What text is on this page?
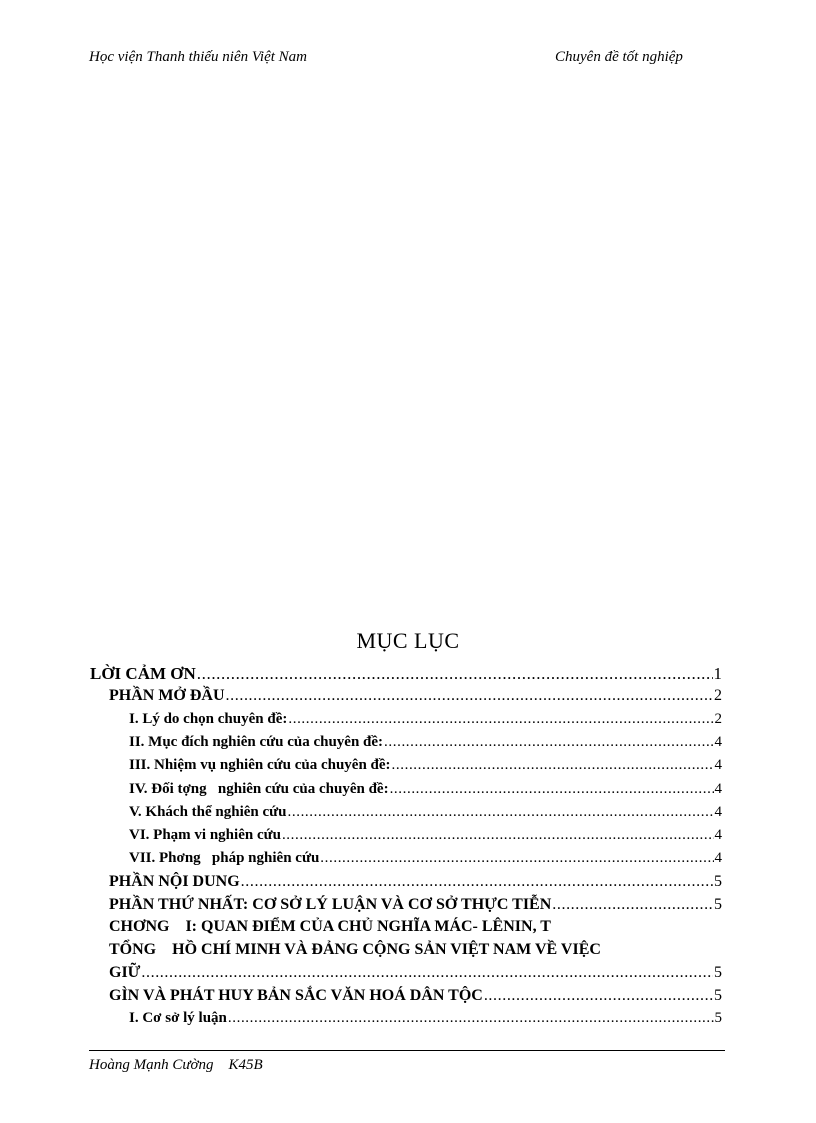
Học viện Thanh thiếu niên Việt Nam	Chuyên đề tốt nghiệp
MỤC LỤC
LỜI CẢM ƠN .....	1
PHẦN MỞ ĐẦU .....	2
I. Lý do chọn chuyên đề: .....	2
II. Mục đích nghiên cứu của chuyên đề: .....	4
III. Nhiệm vụ nghiên cứu của chuyên đề: .....	4
IV. Đối tợng   nghiên cứu của chuyên đề: .....	4
V. Khách thể nghiên cứu .....	4
VI. Phạm vi nghiên cứu .....	4
VII. Phơng   pháp nghiên cứu .....	4
PHẦN NỘI DUNG .....	5
PHẦN THỨ NHẤT: CƠ SỞ LÝ LUẬN VÀ CƠ SỞ THỰC TIỄN .....	5
CHƠNG    I: QUAN ĐIỂM CỦA CHỦ NGHĨA MÁC- LÊNIN, T
TỔNG    HỒ CHÍ MINH VÀ ĐẢNG CỘNG SẢN VIỆT NAM VỀ VIỆC
GIỮ .....	5
GÌN VÀ PHÁT HUY BẢN SẮC VĂN HOÁ DÂN TỘC .....	5
I. Cơ sở lý luận .....	5
Hoàng Mạnh Cường    K45B
